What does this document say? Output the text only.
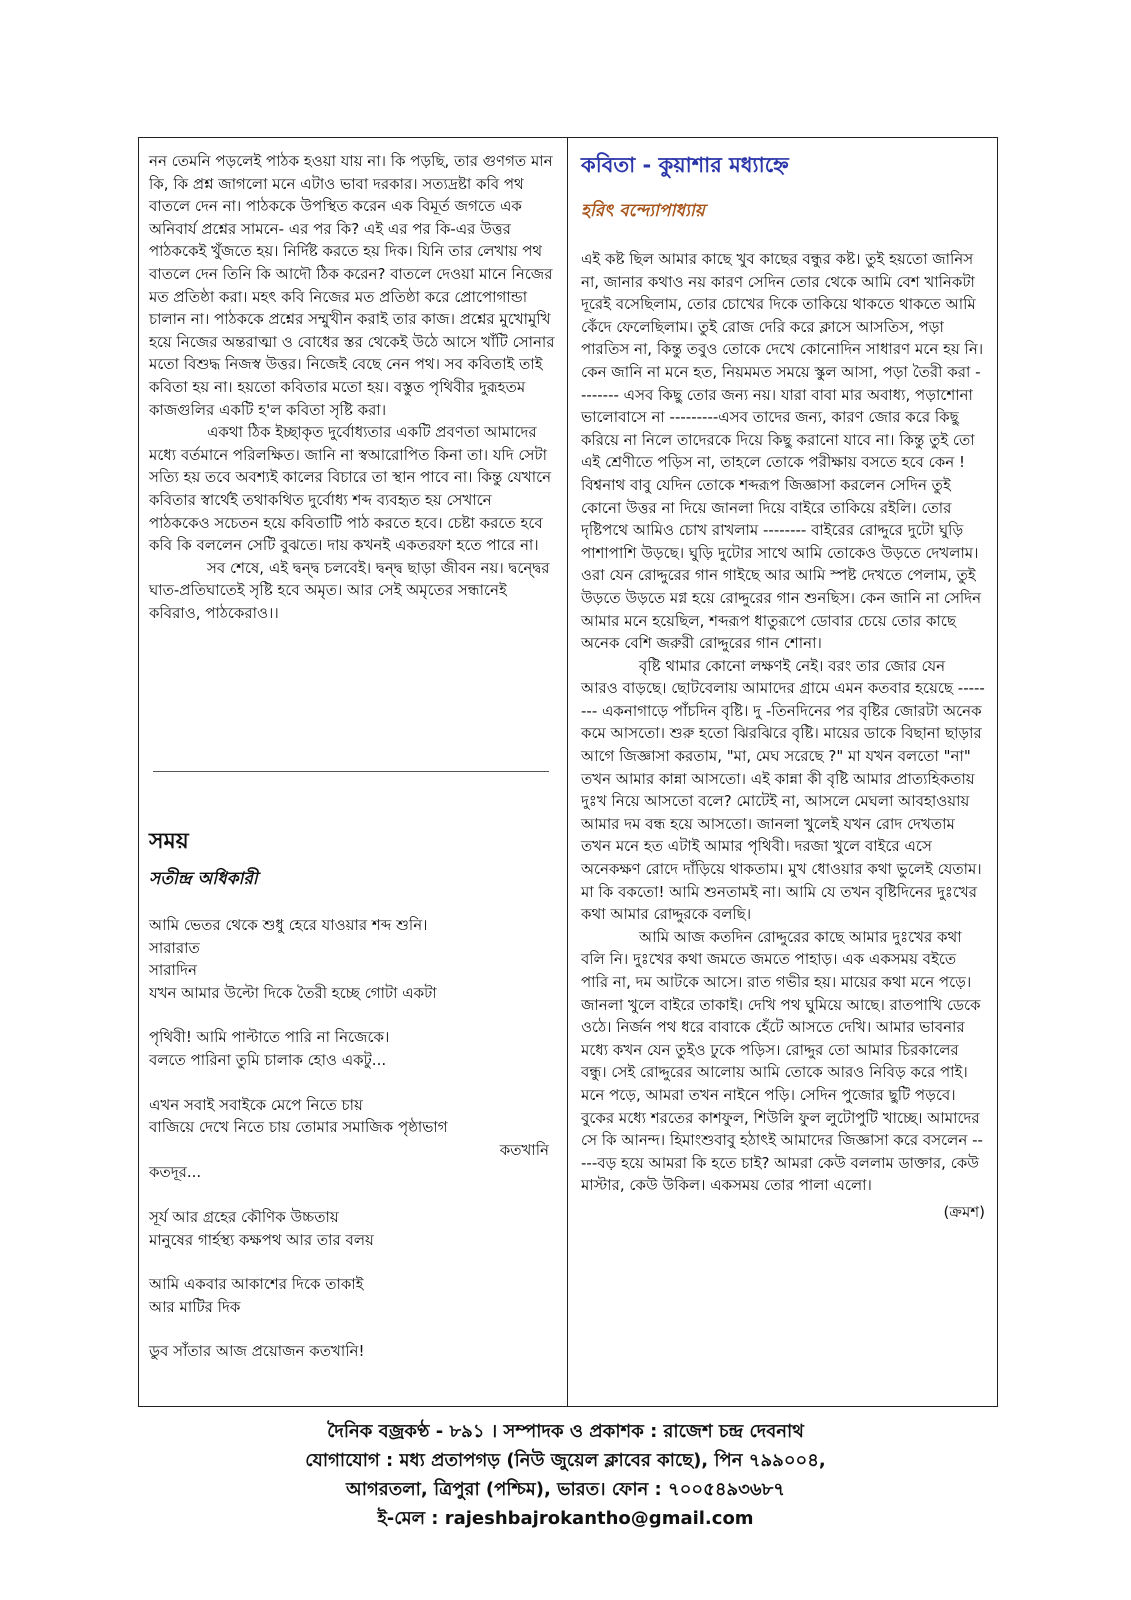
নন তেমনি পড়লেই পাঠক হওয়া যায় না। কি পড়ছি, তার গুণগত মান কি, কি প্রশ্ন জাগলো মনে এটাও ভাবা দরকার। সত্যদ্রষ্টা কবি পথ বাতলে দেন না। পাঠককে উপস্থিত করেন এক বিমূর্ত জগতে এক অনিবার্য প্রশ্নের সামনে- এর পর কি? এই এর পর কি-এর উত্তর পাঠককেই খুঁজতে হয়। নির্দিষ্ট করতে হয় দিক। যিনি তার লেখায় পথ বাতলে দেন তিনি কি আদৌ ঠিক করেন? বাতলে দেওয়া মানে নিজের মত প্রতিষ্ঠা করা। মহৎ কবি নিজের মত প্রতিষ্ঠা করে প্রোপোগান্ডা চালান না। পাঠককে প্রশ্নের সম্মুখীন করাই তার কাজ। প্রশ্নের মুখোমুখি হয়ে নিজের অন্তরাত্মা ও বোধের স্তর থেকেই উঠে আসে খাঁটি সোনার মতো বিশুদ্ধ নিজস্ব উত্তর। নিজেই বেছে নেন পথ। সব কবিতাই তাই কবিতা হয় না। হয়তো কবিতার মতো হয়। বস্তুত পৃথিবীর দুরূহতম কাজগুলির একটি হ'ল কবিতা সৃষ্টি করা।

একথা ঠিক ইচ্ছাকৃত দুর্বোধ্যতার একটি প্রবণতা আমাদের মধ্যে বর্তমানে পরিলক্ষিত। জানি না স্বআরোপিত কিনা তা। যদি সেটা সত্যি হয় তবে অবশ্যই কালের বিচারে তা স্থান পাবে না। কিন্তু যেখানে কবিতার স্বার্থেই তথাকথিত দুর্বোধ্য শব্দ ব্যবহৃত হয় সেখানে পাঠককেও সচেতন হয়ে কবিতাটি পাঠ করতে হবে। চেষ্টা করতে হবে কবি কি বললেন সেটি বুঝতে। দায় কখনই একতরফা হতে পারে না।

সব শেষে, এই দ্বন্দ্ব চলবেই। দ্বন্দ্ব ছাড়া জীবন নয়। দ্বন্দ্বের ঘাত-প্রতিঘাতেই সৃষ্টি হবে অমৃত। আর সেই অমৃতের সন্ধানেই কবিরাও, পাঠকেরাও।।

সময়
সতীন্দ্র অধিকারী
আমি ভেতর থেকে শুধু হেরে যাওয়ার শব্দ শুনি।
সারারাত
সারাদিন
যখন আমার উল্টো দিকে তৈরী হচ্ছে গোটা একটা
পৃথিবী! আমি পাল্টাতে পারি না নিজেকে।
বলতে পারিনা তুমি চালাক হোও একটু...
এখন সবাই সবাইকে মেপে নিতে চায়
বাজিয়ে দেখে নিতে চায় তোমার সমাজিক পৃষ্ঠাভাগ
কতখানি
কতদূর...
সূর্য আর গ্রহের কৌণিক উচ্চতায়
মানুষের গার্হস্থ্য কক্ষপথ আর তার বলয়
আমি একবার আকাশের দিকে তাকাই
আর মাটির দিক
ডুব সাঁতার আজ প্রয়োজন কতখানি!
কবিতা - কুয়াশার মধ্যাহ্নে
হরিৎ বন্দ্যোপাধ্যায়

এই কষ্ট ছিল আমার কাছে খুব কাছের বন্ধুর কষ্ট। তুই হয়তো জানিস না, জানার কথাও নয় কারণ সেদিন তোর থেকে আমি বেশ খানিকটা দূরেই বসেছিলাম, তোর চোখের দিকে তাকিয়ে থাকতে থাকতে আমি কেঁদে ফেলেছিলাম। তুই রোজ দেরি করে ক্লাসে আসতিস, পড়া পারতিস না, কিন্তু তবুও তোকে দেখে কোনোদিন সাধারণ মনে হয় নি।

কেন জানি না মনে হত, নিয়মমত সময়ে স্কুল আসা, পড়া তৈরী করা -------- এসব কিছু তোর জন্য নয়। যারা বাবা মার অবাধ্য, পড়াশোনা ভালোবাসে না ---------এসব তাদের জন্য, কারণ জোর করে কিছু করিয়ে না নিলে তাদেরকে দিয়ে কিছু করানো যাবে না। কিন্তু তুই তো এই শ্রেণীতে পড়িস না, তাহলে তোকে পরীক্ষায় বসতে হবে কেন ! বিশ্বনাথ বাবু যেদিন তোকে শব্দরূপ জিজ্ঞাসা করলেন সেদিন তুই কোনো উত্তর না দিয়ে জানলা দিয়ে বাইরে তাকিয়ে রইলি। তোর দৃষ্টিপথে আমিও চোখ রাখলাম -------- বাইরের রোদ্দুরে দুটো ঘুড়ি পাশাপাশি উড়ছে। ঘুড়ি দুটোর সাথে আমি তোকেও উড়তে দেখলাম। ওরা যেন রোদ্দুরের গান গাইছে আর আমি স্পষ্ট দেখতে পেলাম, তুই উড়তে উড়তে মগ্ন হয়ে রোদ্দুরের গান শুনছিস। কেন জানি না সেদিন আমার মনে হয়েছিল, শব্দরূপ ধাতুরূপে ডোবার চেয়ে তোর কাছে অনেক বেশি জরুরী রোদ্দুরের গান শোনা।

বৃষ্টি থামার কোনো লক্ষণই নেই। বরং তার জোর যেন আরও বাড়ছে। ছোটবেলায় আমাদের গ্রামে এমন কতবার হয়েছে -------- একনাগাড়ে পাঁচদিন বৃষ্টি। দু -তিনদিনের পর বৃষ্টির জোরটা অনেক কমে আসতো। শুরু হতো ঝিরঝিরে বৃষ্টি। মায়ের ডাকে বিছানা ছাড়ার আগে জিজ্ঞাসা করতাম, "মা, মেঘ সরেছে ?" মা যখন বলতো "না" তখন আমার কান্না আসতো। এই কান্না কী বৃষ্টি আমার প্রাত্যহিকতায় দুঃখ নিয়ে আসতো বলে? মোটেই না, আসলে মেঘলা আবহাওয়ায় আমার দম বন্ধ হয়ে আসতো। জানলা খুলেই যখন রোদ দেখতাম তখন মনে হত এটাই আমার পৃথিবী। দরজা খুলে বাইরে এসে অনেকক্ষণ রোদে দাঁড়িয়ে থাকতাম। মুখ ধোওয়ার কথা ভুলেই যেতাম। মা কি বকতো! আমি শুনতামই না। আমি যে তখন বৃষ্টিদিনের দুঃখের কথা আমার রোদ্দুরকে বলছি।

আমি আজ কতদিন রোদ্দুরের কাছে আমার দুঃখের কথা বলি নি। দুঃখের কথা জমতে জমতে পাহাড়। এক একসময় বইতে পারি না, দম আটকে আসে। রাত গভীর হয়। মায়ের কথা মনে পড়ে। জানলা খুলে বাইরে তাকাই। দেখি পথ ঘুমিয়ে আছে। রাতপাখি ডেকে ওঠে। নির্জন পথ ধরে বাবাকে হেঁটে আসতে দেখি। আমার ভাবনার মধ্যে কখন যেন তুইও ঢুকে পড়িস। রোদ্দুর তো আমার চিরকালের বন্ধু। সেই রোদ্দুরের আলোয় আমি তোকে আরও নিবিড় করে পাই। মনে পড়ে, আমরা তখন নাইনে পড়ি। সেদিন পুজোর ছুটি পড়বে। বুকের মধ্যে শরতের কাশফুল, শিউলি ফুল লুটোপুটি খাচ্ছে। আমাদের সে কি আনন্দ। হিমাংশুবাবু হঠাৎই আমাদের জিজ্ঞাসা করে বসলেন -----বড় হয়ে আমরা কি হতে চাই? আমরা কেউ বললাম ডাক্তার, কেউ মাস্টার, কেউ উকিল। একসময় তোর পালা এলো।

(ক্রমশ)

দৈনিক বজ্রকণ্ঠ - ৮৯১ । সম্পাদক ও প্রকাশক : রাজেশ চন্দ্র দেবনাথ
যোগাযোগ : মধ্য প্রতাপগড় (নিউ জুয়েল ক্লাবের কাছে), পিন ৭৯৯০০৪,
আগরতলা, ত্রিপুরা (পশ্চিম), ভারত। ফোন : ৭০০৫৪৯৩৬৮৭
ই-মেল : rajeshbajrokantho@gmail.com
